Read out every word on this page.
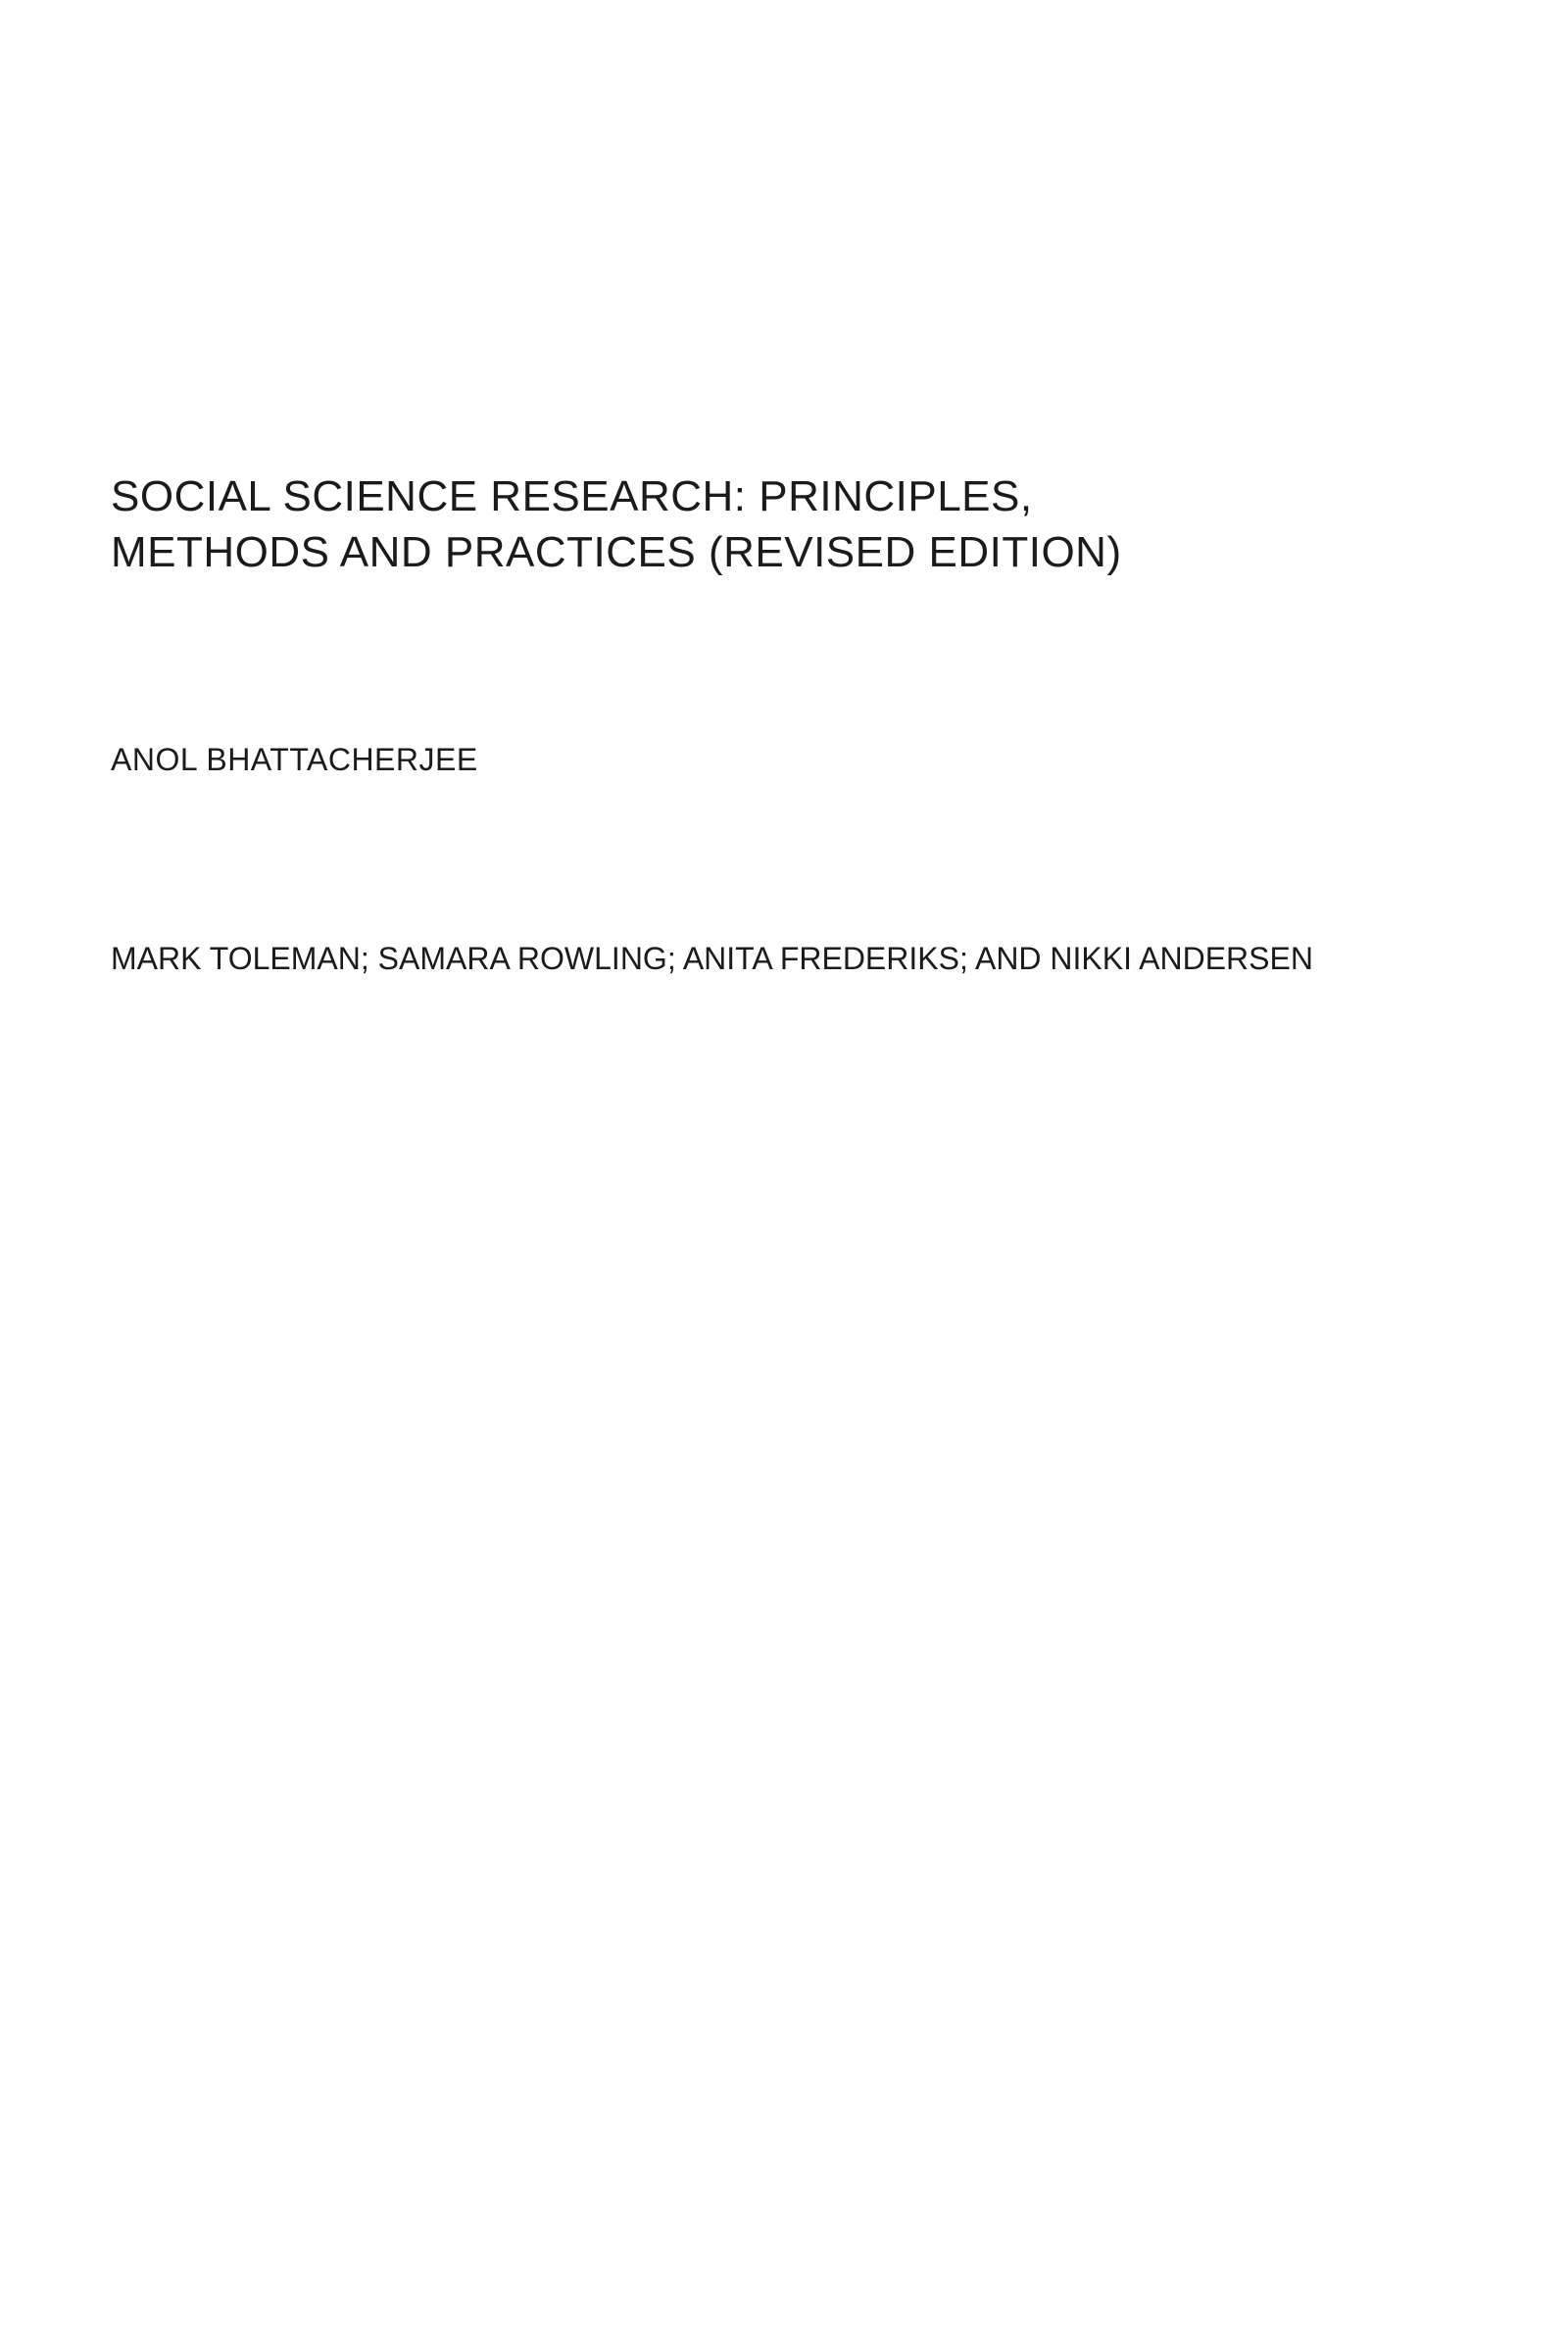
SOCIAL SCIENCE RESEARCH: PRINCIPLES,
METHODS AND PRACTICES (REVISED EDITION)
ANOL BHATTACHERJEE
MARK TOLEMAN; SAMARA ROWLING; ANITA FREDERIKS; AND NIKKI ANDERSEN
